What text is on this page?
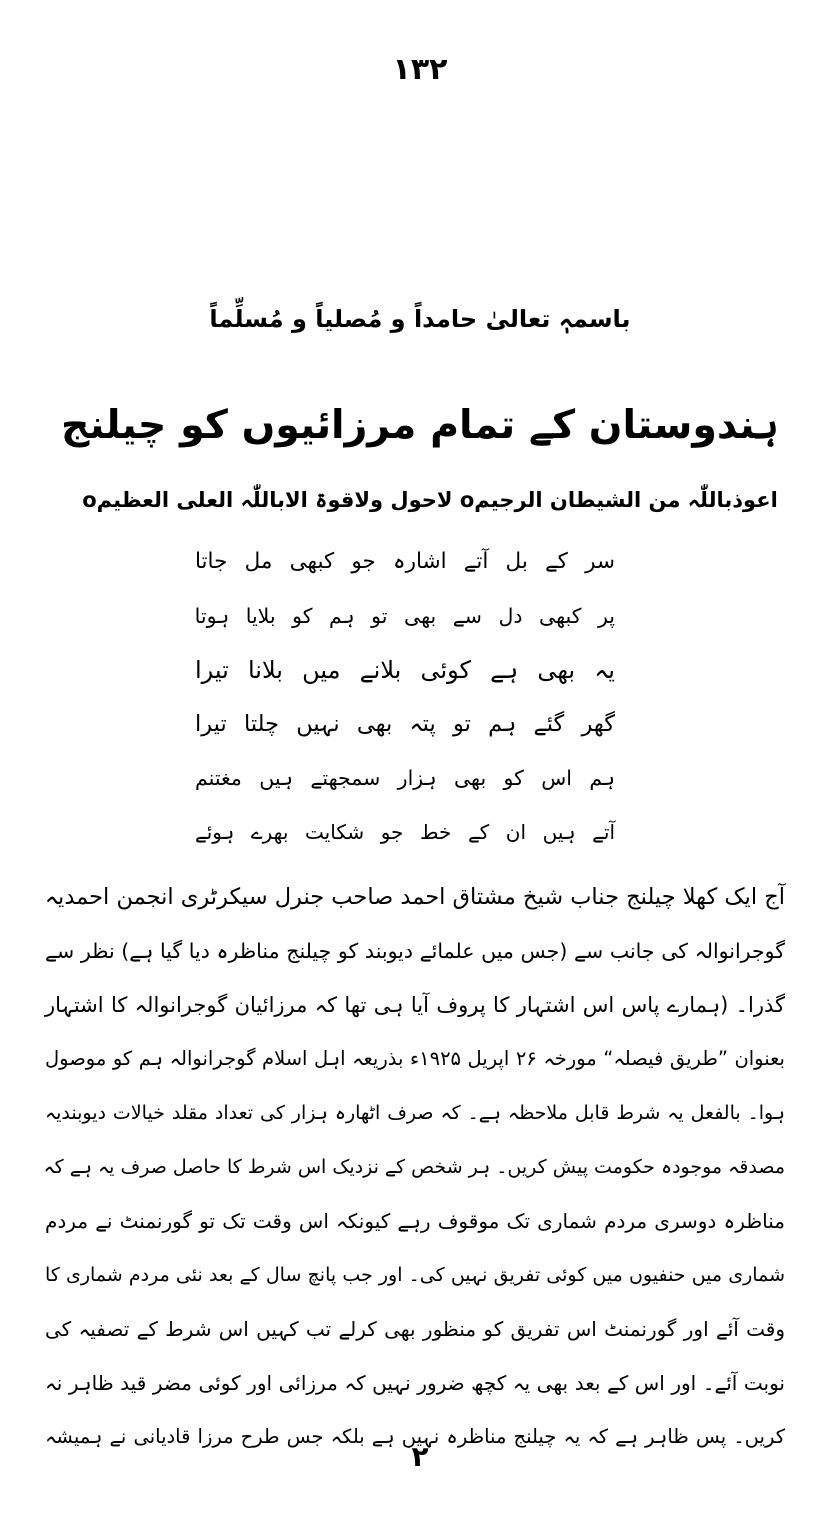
۱۳۲
باسمہٖ تعالیٰ حامداً و مُصلیاً و مُسلِّماً
ہندوستان کے تمام مرزائیوں کو چیلنج
اعوذباللّٰہ من الشیطان الرجیمo لاحول ولاقوۃ الاباللّٰہ العلی العظیمo
سر کے بل آتے اشارہ جو کبھی مل جاتا
پر کبھی دل سے بھی تو ہم کو بلایا ہوتا
یہ بھی ہے کوئی بلانے میں بلانا تیرا
گھر گئے ہم تو پتہ بھی نہیں چلتا تیرا
ہم اس کو بھی ہزار سمجھتے ہیں مغتنم
آتے ہیں ان کے خط جو شکایت بھرے ہوئے
آج ایک کھلا چیلنج جناب شیخ مشتاق احمد صاحب جنرل سیکرٹری انجمن احمدیہ
گوجرانوالہ کی جانب سے (جس میں علمائے دیوبند کو چیلنج مناظرہ دیا گیا ہے) نظر سے
گذرا۔ (ہمارے پاس اس اشتہار کا پروف آیا ہی تھا کہ مرزائیان گوجرانوالہ کا اشتہار
بعنوان ”طریق فیصلہ“ مورخہ ۲۶ اپریل ۱۹۲۵ء بذریعہ اہل اسلام گوجرانوالہ ہم کو موصول
ہوا۔ بالفعل یہ شرط قابل ملاحظہ ہے۔ کہ صرف اٹھارہ ہزار کی تعداد مقلد خیالات دیوبندیہ
مصدقہ موجودہ حکومت پیش کریں۔ ہر شخص کے نزدیک اس شرط کا حاصل صرف یہ ہے کہ
مناظرہ دوسری مردم شماری تک موقوف رہے کیونکہ اس وقت تک تو گورنمنٹ نے مردم
شماری میں حنفیوں میں کوئی تفریق نہیں کی۔ اور جب پانچ سال کے بعد نئی مردم شماری کا
وقت آئے اور گورنمنٹ اس تفریق کو منظور بھی کرلے تب کہیں اس شرط کے تصفیہ کی
نوبت آئے۔ اور اس کے بعد بھی یہ کچھ ضرور نہیں کہ مرزائی اور کوئی مضر قید ظاہر نہ
کریں۔ پس ظاہر ہے کہ یہ چیلنج مناظرہ نہیں ہے بلکہ جس طرح مرزا قادیانی نے ہمیشہ
۲
